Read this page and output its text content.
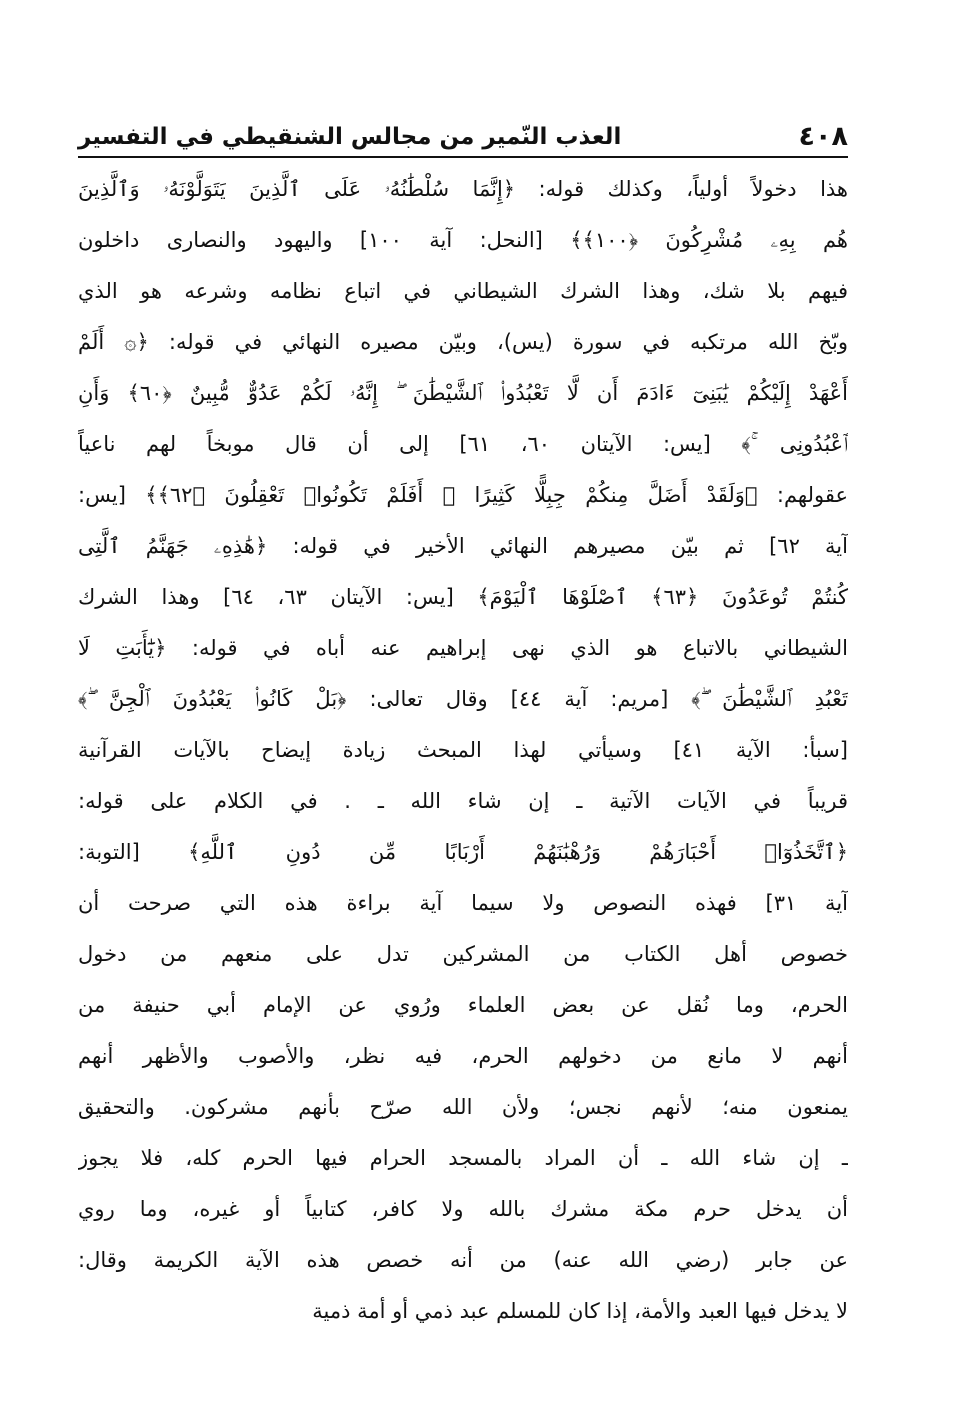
٤٠٨
العذب النّمير من مجالس الشنقيطي في التفسير
هذا دخولاً أولياً، وكذلك قوله: ﴿إِنَّمَا سُلْطَٰنُهُۥ عَلَى ٱلَّذِينَ يَتَوَلَّوْنَهُۥ وَٱلَّذِينَ
هُم بِهِۦ مُشْرِكُونَ ﴿١٠٠﴾﴾ [النحل: آية ١٠٠] واليهود والنصارى داخلون
فيهم بلا شك، وهذا الشرك الشيطاني في اتباع نظامه وشرعه هو الذي
وبّخ الله مرتكبه في سورة (يس)، وبيّن مصيره النهائي في قوله: ﴿۞ أَلَمْ
أَعْهَدْ إِلَيْكُمْ يَٰبَنِىٓ ءَادَمَ أَن لَّا تَعْبُدُوا۟ ٱلشَّيْطَٰنَ ۖ إِنَّهُۥ لَكُمْ عَدُوٌّ مُّبِينٌ ﴿٦٠﴾ وَأَنِ
ٱعْبُدُونِى ۚ﴾ [يس: الآيتان ٦٠، ٦١] إلى أن قال موبخاً لهم ناعياً
عقولهم: ﴿وَلَقَدْ أَضَلَّ مِنكُمْ جِبِلًّا كَثِيرًا ۖ أَفَلَمْ تَكُونُوا۟ تَعْقِلُونَ ﴿٦٢﴾﴾ [يس:
آية ٦٢] ثم بيّن مصيرهم النهائي الأخير في قوله: ﴿هَٰذِهِۦ جَهَنَّمُ ٱلَّتِى
كُنتُمْ تُوعَدُونَ ﴿٦٣﴾ ٱصْلَوْهَا ٱلْيَوْمَ﴾ [يس: الآيتان ٦٣، ٦٤] وهذا الشرك
الشيطاني بالاتباع هو الذي نهى إبراهيم عنه أباه في قوله: ﴿يَٰٓأَبَتِ لَا
تَعْبُدِ ٱلشَّيْطَٰنَ ۖ﴾ [مريم: آية ٤٤] وقال تعالى: ﴿بَلْ كَانُوا۟ يَعْبُدُونَ ٱلْجِنَّ ۖ﴾
[سبأ: الآية ٤١] وسيأتي لهذا المبحث زيادة إيضاح بالآيات القرآنية
قريباً في الآيات الآتية ـ إن شاء الله ـ . في الكلام على قوله:
﴿ٱتَّخَذُوٓا۟ أَحْبَارَهُمْ وَرُهْبَٰنَهُمْ أَرْبَابًا مِّن دُونِ ٱللَّهِ﴾ [التوبة:
آية ٣١] فهذه النصوص ولا سيما آية براءة هذه التي صرحت أن
خصوص أهل الكتاب من المشركين تدل على منعهم من دخول
الحرم، وما نُقل عن بعض العلماء ورُوي عن الإمام أبي حنيفة من
أنهم لا مانع من دخولهم الحرم، فيه نظر، والأصوب والأظهر أنهم
يمنعون منه؛ لأنهم نجس؛ ولأن الله صرّح بأنهم مشركون. والتحقيق
ـ إن شاء الله ـ أن المراد بالمسجد الحرام فيها الحرم كله، فلا يجوز
أن يدخل حرم مكة مشرك بالله ولا كافر، كتابياً أو غيره، وما روي
عن جابر (رضي الله عنه) من أنه خصص هذه الآية الكريمة وقال:
لا يدخل فيها العبد والأمة، إذا كان للمسلم عبد ذمي أو أمة ذمية
